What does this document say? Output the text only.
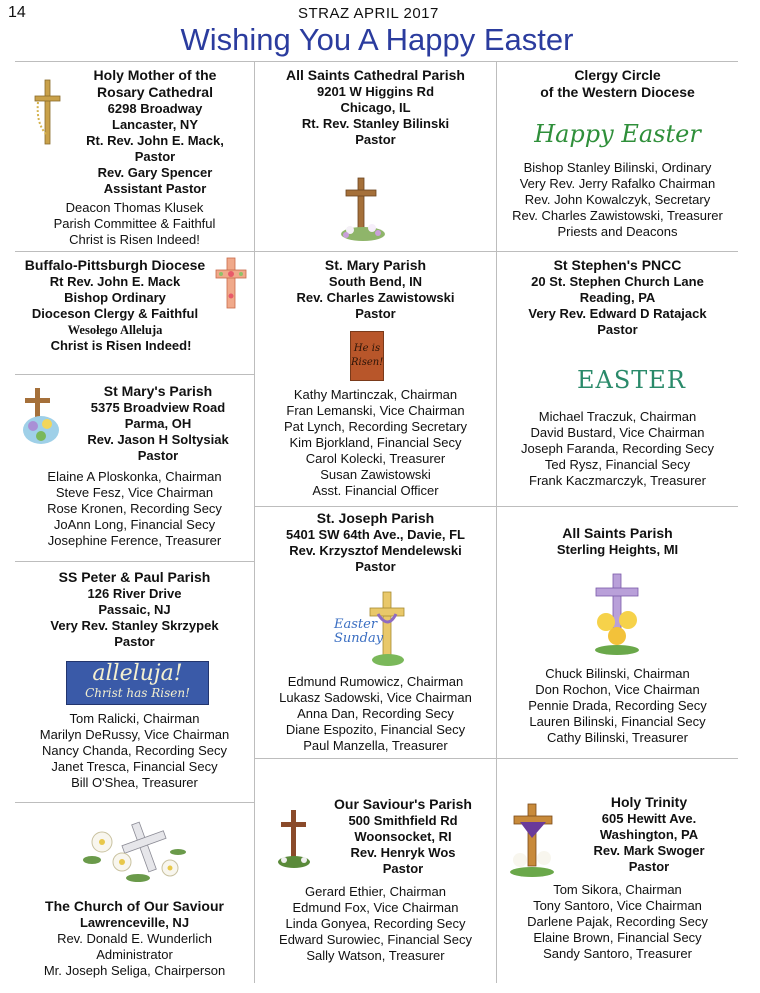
14	STRAZ APRIL 2017
Wishing You A Happy Easter
Holy Mother of the
Rosary Cathedral
6298 Broadway
Lancaster, NY
Rt. Rev. John E. Mack,
Pastor
Rev. Gary Spencer
Assistant Pastor
Deacon Thomas Klusek
Parish Committee & Faithful
Christ is Risen Indeed!
All Saints Cathedral Parish
9201 W Higgins Rd
Chicago, IL
Rt. Rev. Stanley Bilinski
Pastor
Clergy Circle
of the Western Diocese
Happy Easter
Bishop Stanley Bilinski, Ordinary
Very Rev. Jerry Rafalko Chairman
Rev. John Kowalczyk, Secretary
Rev. Charles Zawistowski, Treasurer
Priests and Deacons
Buffalo-Pittsburgh Diocese
Rt Rev. John E. Mack
Bishop Ordinary
Dioceson Clergy & Faithful
Wesołego Alleluja
Christ is Risen Indeed!
St. Mary Parish
South Bend, IN
Rev. Charles Zawistowski
Pastor
He is
Risen!
Kathy Martinczak, Chairman
Fran Lemanski, Vice Chairman
Pat Lynch, Recording Secretary
Kim Bjorkland, Financial Secy
Carol Kolecki, Treasurer
Susan Zawistowski
Asst. Financial Officer
St Stephen's PNCC
20 St. Stephen Church Lane
Reading, PA
Very Rev. Edward D Ratajack
Pastor
EASTER
Michael Traczuk, Chairman
David Bustard, Vice Chairman
Joseph Faranda, Recording Secy
Ted Rysz, Financial Secy
Frank Kaczmarczyk, Treasurer
St Mary's Parish
5375 Broadview Road
Parma, OH
Rev. Jason H Soltysiak
Pastor
Elaine A Ploskonka, Chairman
Steve Fesz, Vice Chairman
Rose Kronen, Recording Secy
JoAnn Long, Financial Secy
Josephine Ference, Treasurer
St. Joseph Parish
5401 SW 64th Ave., Davie, FL
Rev. Krzysztof Mendelewski
Pastor
Easter
Sunday
Edmund Rumowicz, Chairman
Lukasz Sadowski, Vice Chairman
Anna Dan, Recording Secy
Diane Espozito, Financial Secy
Paul Manzella, Treasurer
All Saints Parish
Sterling Heights, MI
Chuck Bilinski, Chairman
Don Rochon, Vice Chairman
Pennie Drada, Recording Secy
Lauren Bilinski, Financial Secy
Cathy Bilinski, Treasurer
SS Peter & Paul Parish
126 River Drive
Passaic, NJ
Very Rev. Stanley Skrzypek
Pastor
alleluja!
Christ has Risen!
Tom Ralicki, Chairman
Marilyn DeRussy, Vice Chairman
Nancy Chanda, Recording Secy
Janet Tresca, Financial Secy
Bill O'Shea, Treasurer
The Church of Our Saviour
Lawrenceville, NJ
Rev. Donald E. Wunderlich
Administrator
Mr. Joseph Seliga, Chairperson
Our Saviour's Parish
500 Smithfield Rd
Woonsocket, RI
Rev. Henryk Wos
Pastor
Gerard Ethier, Chairman
Edmund Fox, Vice Chairman
Linda Gonyea, Recording Secy
Edward Surowiec, Financial Secy
Sally Watson, Treasurer
Holy Trinity
605 Hewitt Ave.
Washington, PA
Rev. Mark Swoger
Pastor
Tom Sikora, Chairman
Tony Santoro, Vice Chairman
Darlene Pajak, Recording Secy
Elaine Brown, Financial Secy
Sandy Santoro, Treasurer
